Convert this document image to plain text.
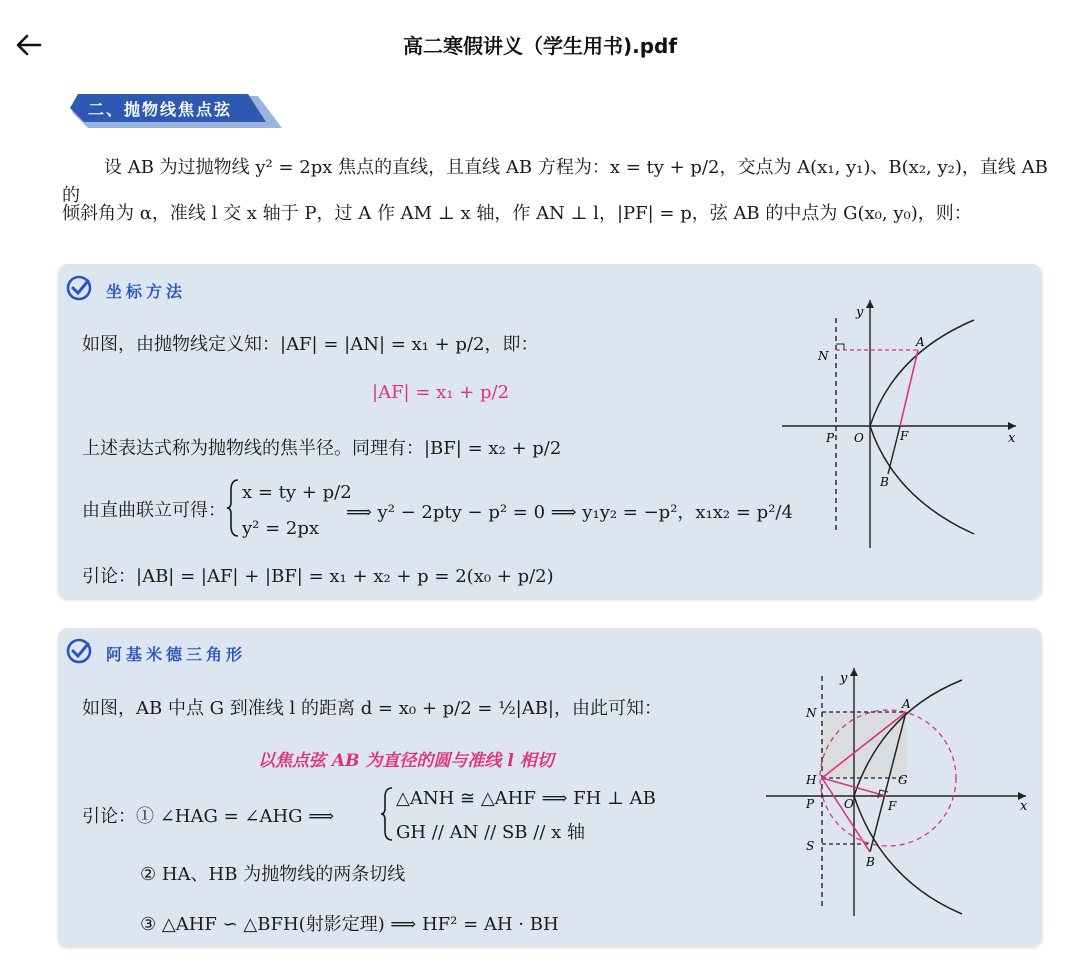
高二寒假讲义（学生用书).pdf
二、抛物线焦点弦
设 AB 为过抛物线 y² = 2px 焦点的直线，且直线 AB 方程为：x = ty + p/2，交点为 A(x₁, y₁)、B(x₂, y₂)，直线 AB 的
倾斜角为 α，准线 l 交 x 轴于 P，过 A 作 AM ⊥ x 轴，作 AN ⊥ l，|PF| = p，弦 AB 的中点为 G(x₀, y₀)，则：
坐标方法
如图，由抛物线定义知：|AF| = |AN| = x₁ + p/2，即：
|AF| = x₁ + p/2
上述表达式称为抛物线的焦半径。同理有：|BF| = x₂ + p/2
由直曲联立可得：
x = ty + p/2
y² = 2px
⟹ y² − 2pty − p² = 0 ⟹ y₁y₂ = −p²，x₁x₂ = p²/4
引论：|AB| = |AF| + |BF| = x₁ + x₂ + p = 2(x₀ + p/2)
y
x
N
A
P O	F
B
阿基米德三角形
如图，AB 中点 G 到准线 l 的距离 d = x₀ + p/2 = ½|AB|，由此可知：
以焦点弦 AB 为直径的圆与准线 l 相切
引论：① ∠HAG = ∠AHG ⟹
△ANH ≅ △AHF ⟹ FH ⊥ AB
GH // AN // SB // x 轴
② HA、HB 为抛物线的两条切线
③ △AHF ∽ △BFH(射影定理) ⟹ HF² = AH · BH
y
x
N
A
H	G
P O	F
S
B
